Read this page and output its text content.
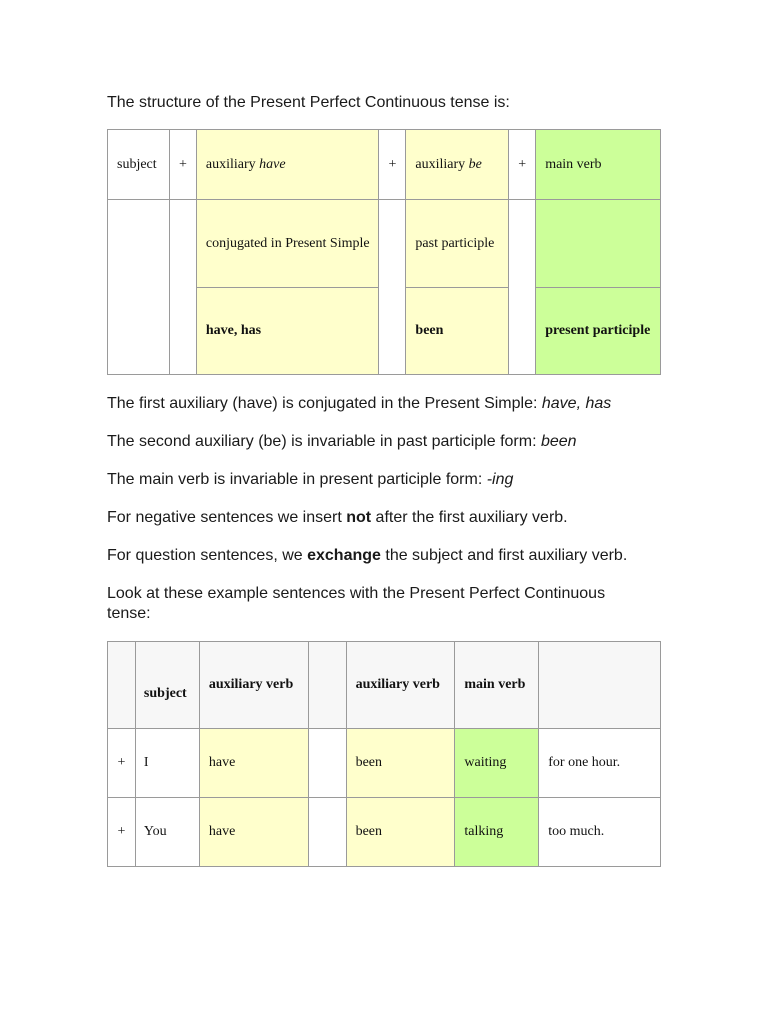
The structure of the Present Perfect Continuous tense is:

subject	+	auxiliary have	+	auxiliary be	+	main verb
		conjugated in Present Simple		past participle		
		have, has		been		present participle

The first auxiliary (have) is conjugated in the Present Simple: have, has

The second auxiliary (be) is invariable in past participle form: been

The main verb is invariable in present participle form: -ing

For negative sentences we insert not after the first auxiliary verb.

For question sentences, we exchange the subject and first auxiliary verb.

Look at these example sentences with the Present Perfect Continuous tense:

	subject	auxiliary verb		auxiliary verb	main verb	
+	I	have		been	waiting	for one hour.
+	You	have		been	talking	too much.
